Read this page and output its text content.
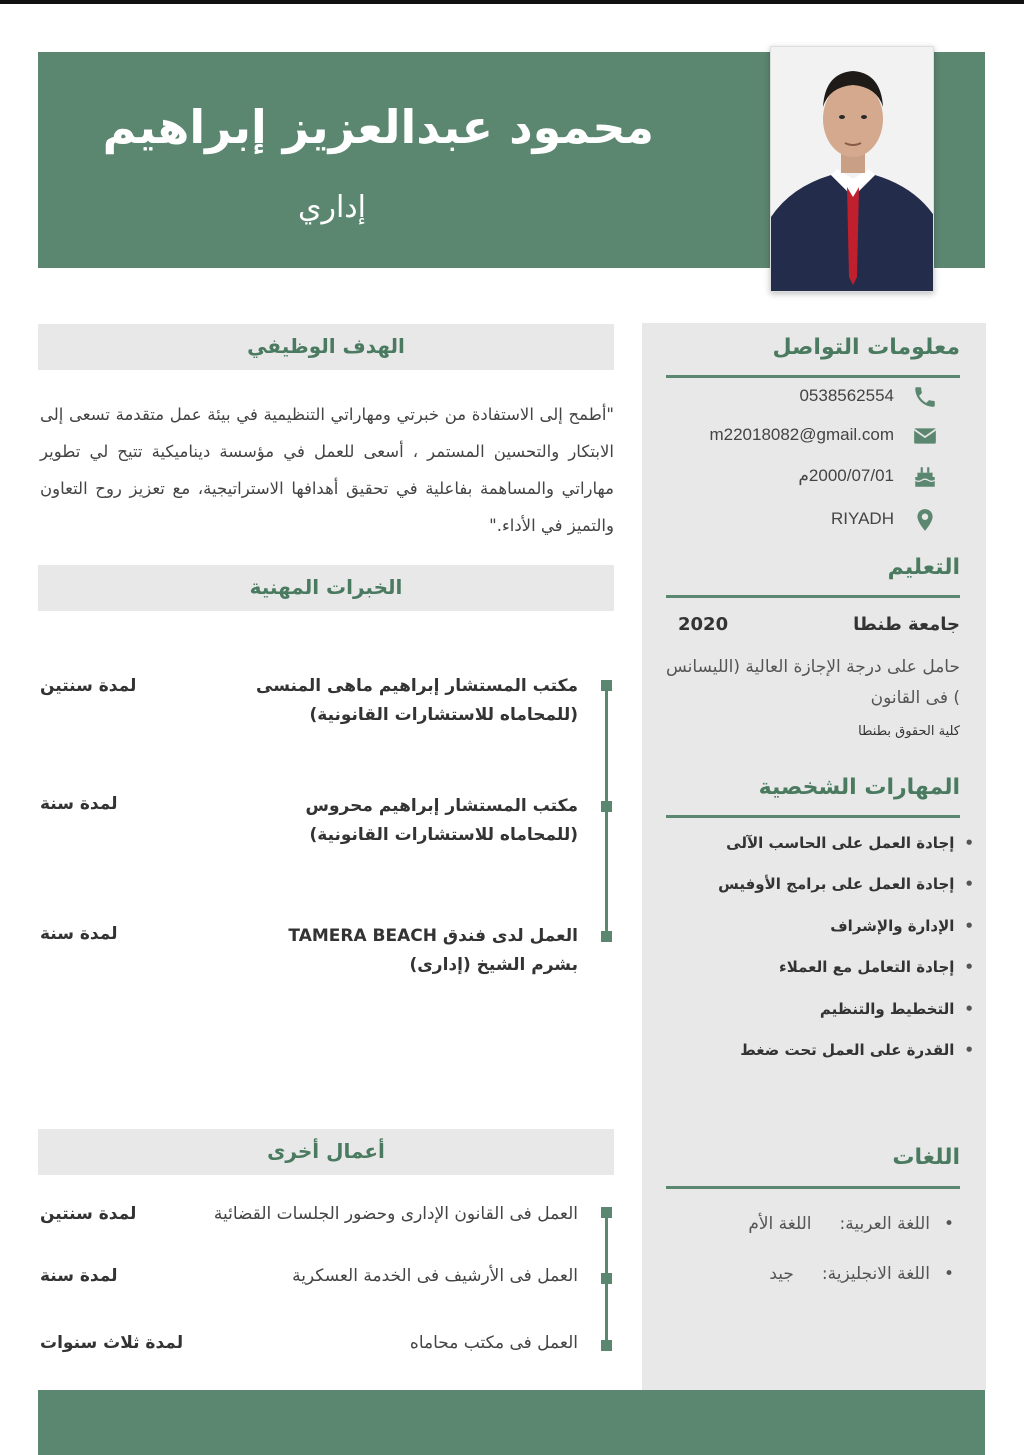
محمود عبدالعزيز إبراهيم
إداري
معلومات التواصل
0538562554
m22018082@gmail.com
2000/07/01م
RIYADH
التعليم
جامعة طنطا
2020
حامل على درجة الإجازة العالية (الليسانس ) فى القانون
كلية الحقوق بطنطا
المهارات الشخصية
• إجادة العمل على الحاسب الآلى
• إجادة العمل على برامج الأوفيس
• الإدارة والإشراف
• إجادة التعامل مع العملاء
• التخطيط والتنظيم
• القدرة على العمل تحت ضغط
اللغات
•اللغة العربية:اللغة الأم
•اللغة الانجليزية:جيد
الهدف الوظيفي
"أطمح إلى الاستفادة من خبرتي ومهاراتي التنظيمية في بيئة عمل متقدمة تسعى إلى الابتكار والتحسين المستمر ، أسعى للعمل في مؤسسة ديناميكية تتيح لي تطوير مهاراتي والمساهمة بفاعلية في تحقيق أهدافها الاستراتيجية، مع تعزيز روح التعاون والتميز في الأداء."
الخبرات المهنية
مكتب المستشار إبراهيم ماهى المنسى (للمحاماه للاستشارات القانونية)
لمدة سنتين
مكتب المستشار إبراهيم محروس (للمحاماه للاستشارات القانونية)
لمدة سنة
العمل لدى فندق TAMERA BEACH بشرم الشيخ (إدارى)
لمدة سنة
أعمال أخرى
العمل فى القانون الإدارى وحضور الجلسات القضائية
لمدة سنتين
العمل فى الأرشيف فى الخدمة العسكرية
لمدة سنة
العمل فى مكتب محاماه
لمدة ثلاث سنوات
